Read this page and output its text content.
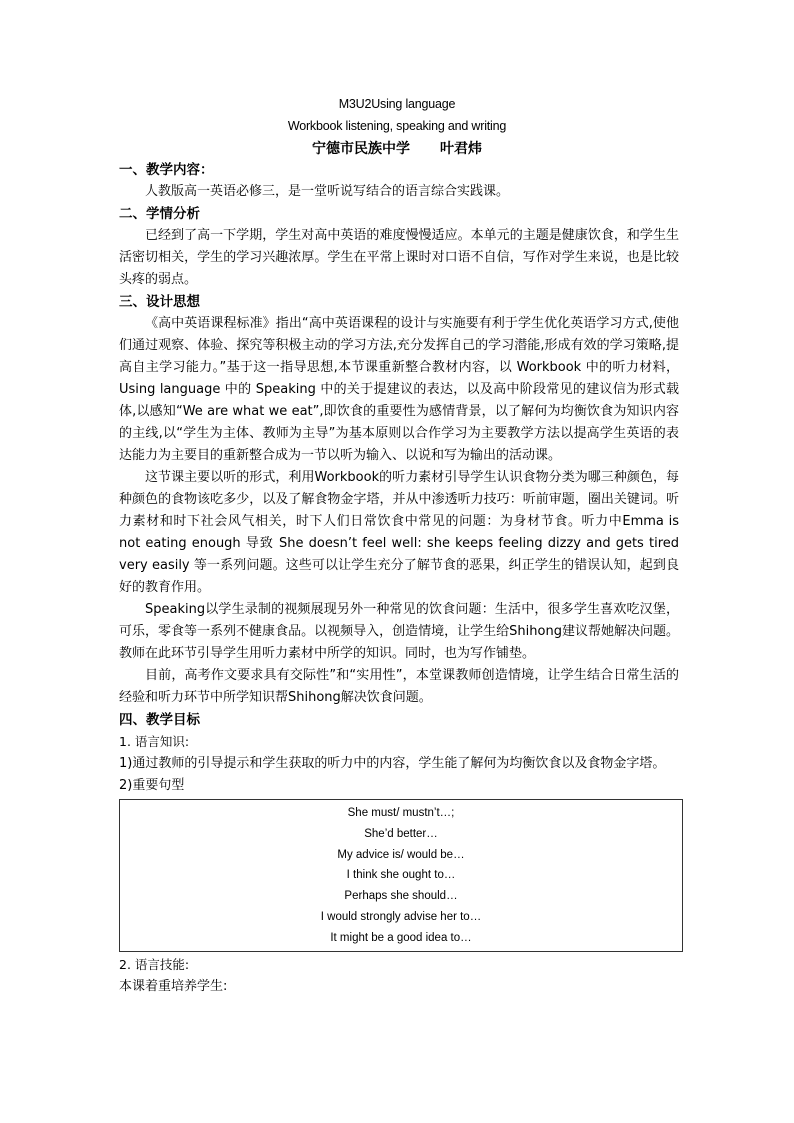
M3U2Using language
Workbook listening, speaking and writing
宁德市民族中学 叶君炜
一、教学内容：

人教版高一英语必修三，是一堂听说写结合的语言综合实践课。

二、学情分析

已经到了高一下学期，学生对高中英语的难度慢慢适应。本单元的主题是健康饮食，和学生生活密切相关，学生的学习兴趣浓厚。学生在平常上课时对口语不自信，写作对学生来说，也是比较头疼的弱点。

三、设计思想

《高中英语课程标准》指出“高中英语课程的设计与实施要有利于学生优化英语学习方式,使他们通过观察、体验、探究等积极主动的学习方法,充分发挥自己的学习潜能,形成有效的学习策略,提高自主学习能力。”基于这一指导思想,本节课重新整合教材内容，以 Workbook 中的听力材料， Using language 中的 Speaking 中的关于提建议的表达，以及高中阶段常见的建议信为形式载体,以感知“We are what we eat”,即饮食的重要性为感情背景，以了解何为均衡饮食为知识内容的主线,以“学生为主体、教师为主导”为基本原则以合作学习为主要教学方法以提高学生英语的表达能力为主要目的重新整合成为一节以听为输入、以说和写为输出的活动课。

这节课主要以听的形式，利用Workbook的听力素材引导学生认识食物分类为哪三种颜色，每种颜色的食物该吃多少，以及了解食物金字塔，并从中渗透听力技巧：听前审题，圈出关键词。听力素材和时下社会风气相关，时下人们日常饮食中常见的问题：为身材节食。听力中Emma is not eating enough 导致 She doesn’t feel well: she keeps feeling dizzy and gets tired very easily 等一系列问题。这些可以让学生充分了解节食的恶果，纠正学生的错误认知，起到良好的教育作用。

Speaking以学生录制的视频展现另外一种常见的饮食问题：生活中，很多学生喜欢吃汉堡，可乐，零食等一系列不健康食品。以视频导入，创造情境，让学生给Shihong建议帮她解决问题。教师在此环节引导学生用听力素材中所学的知识。同时，也为写作铺垫。

目前，高考作文要求具有交际性”和“实用性”，本堂课教师创造情境，让学生结合日常生活的经验和听力环节中所学知识帮Shihong解决饮食问题。

四、教学目标

1. 语言知识:

1)通过教师的引导提示和学生获取的听力中的内容，学生能了解何为均衡饮食以及食物金字塔。

2)重要句型

She must/ mustn’t…;
She’d better…
My advice is/ would be…
I think she ought to…
Perhaps she should…
I would strongly advise her to…
It might be a good idea to…

2. 语言技能:

本课着重培养学生:
